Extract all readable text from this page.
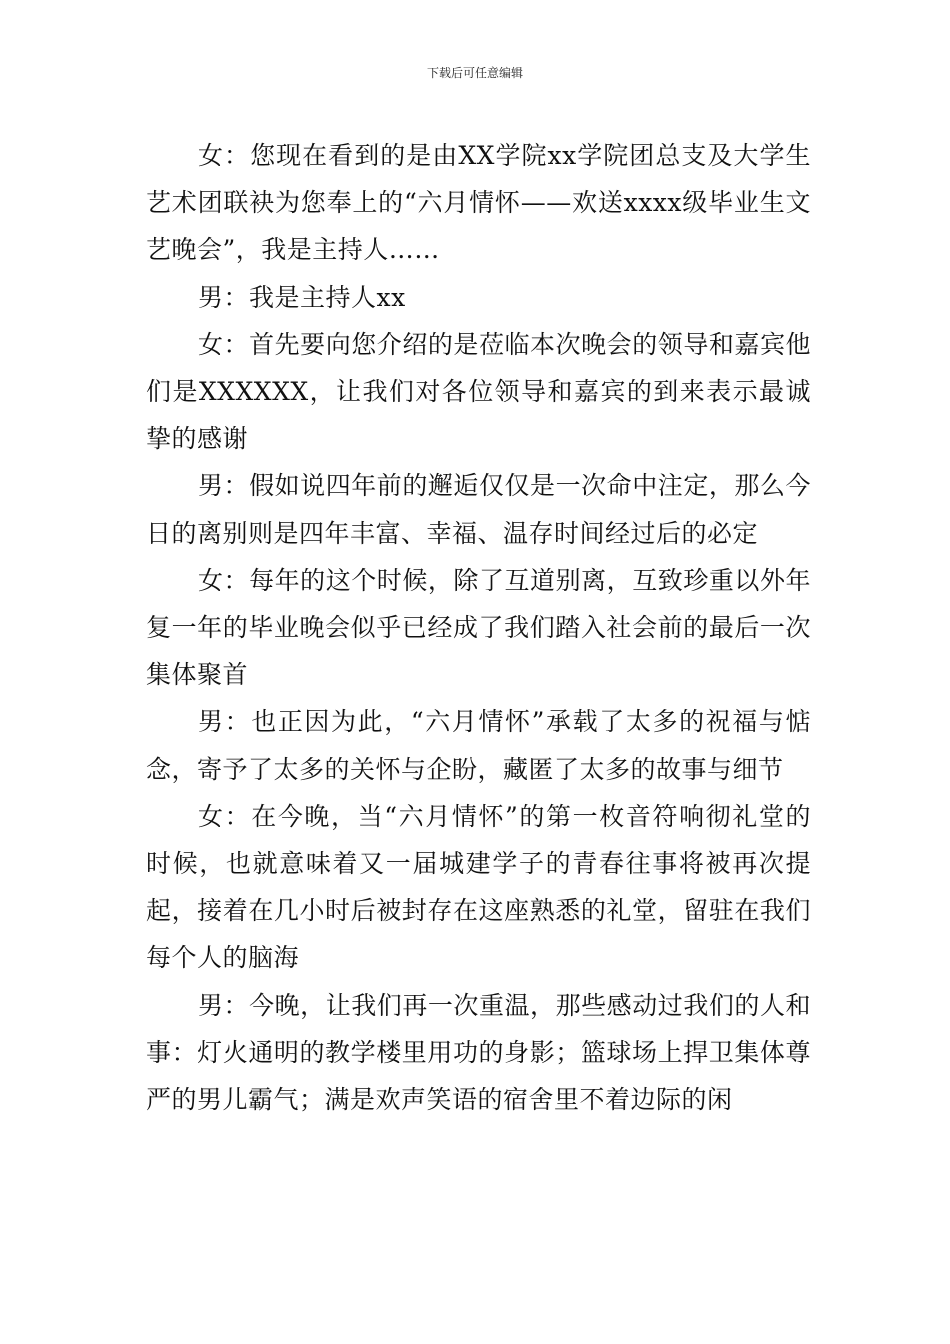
下载后可任意编辑

女：您现在看到的是由XX学院xx学院团总支及大学生艺术团联袂为您奉上的“六月情怀——欢送xxxx级毕业生文艺晚会”，我是主持人……

男：我是主持人xx

女：首先要向您介绍的是莅临本次晚会的领导和嘉宾他们是XXXXXX，让我们对各位领导和嘉宾的到来表示最诚挚的感谢

男：假如说四年前的邂逅仅仅是一次命中注定，那么今日的离别则是四年丰富、幸福、温存时间经过后的必定

女：每年的这个时候，除了互道别离，互致珍重以外年复一年的毕业晚会似乎已经成了我们踏入社会前的最后一次集体聚首

男：也正因为此，“六月情怀”承载了太多的祝福与惦念，寄予了太多的关怀与企盼，藏匿了太多的故事与细节

女：在今晚，当“六月情怀”的第一枚音符响彻礼堂的时候，也就意味着又一届城建学子的青春往事将被再次提起，接着在几小时后被封存在这座熟悉的礼堂，留驻在我们每个人的脑海

男：今晚，让我们再一次重温，那些感动过我们的人和事：灯火通明的教学楼里用功的身影；篮球场上捍卫集体尊严的男儿霸气；满是欢声笑语的宿舍里不着边际的闲
